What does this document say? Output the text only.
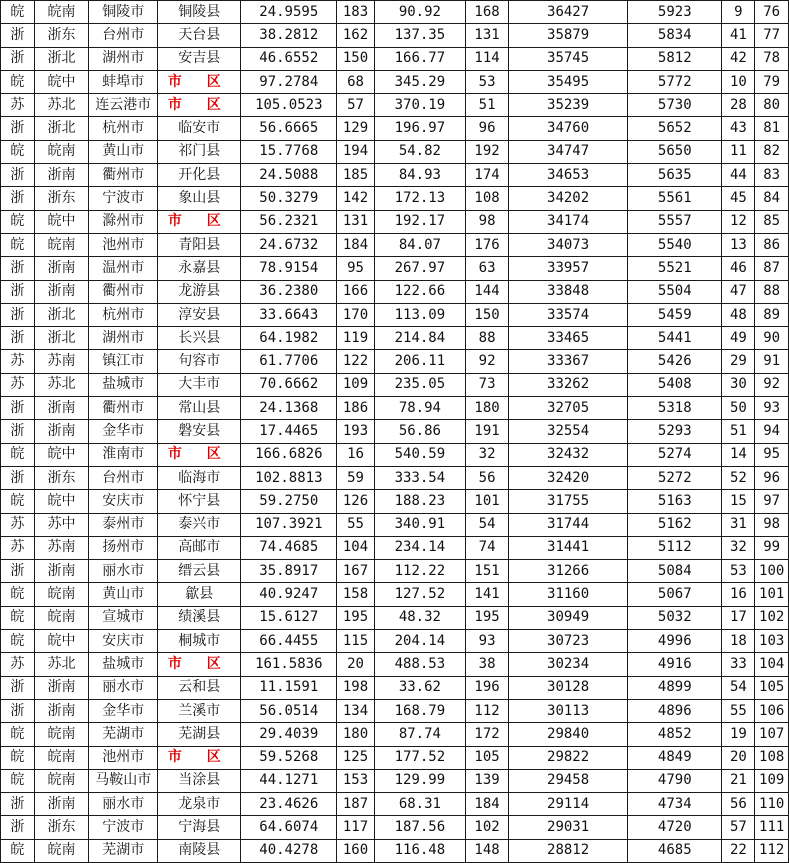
皖	皖南	铜陵市	铜陵县	24.9595	183	90.92	168	36427	5923	9	76
浙	浙东	台州市	天台县	38.2812	162	137.35	131	35879	5834	41	77
浙	浙北	湖州市	安吉县	46.6552	150	166.77	114	35745	5812	42	78
皖	皖中	蚌埠市	市 区	97.2784	68	345.29	53	35495	5772	10	79
苏	苏北	连云港市	市 区	105.0523	57	370.19	51	35239	5730	28	80
浙	浙北	杭州市	临安市	56.6665	129	196.97	96	34760	5652	43	81
皖	皖南	黄山市	祁门县	15.7768	194	54.82	192	34747	5650	11	82
浙	浙南	衢州市	开化县	24.5088	185	84.93	174	34653	5635	44	83
浙	浙东	宁波市	象山县	50.3279	142	172.13	108	34202	5561	45	84
皖	皖中	滁州市	市 区	56.2321	131	192.17	98	34174	5557	12	85
皖	皖南	池州市	青阳县	24.6732	184	84.07	176	34073	5540	13	86
浙	浙南	温州市	永嘉县	78.9154	95	267.97	63	33957	5521	46	87
浙	浙南	衢州市	龙游县	36.2380	166	122.66	144	33848	5504	47	88
浙	浙北	杭州市	淳安县	33.6643	170	113.09	150	33574	5459	48	89
浙	浙北	湖州市	长兴县	64.1982	119	214.84	88	33465	5441	49	90
苏	苏南	镇江市	句容市	61.7706	122	206.11	92	33367	5426	29	91
苏	苏北	盐城市	大丰市	70.6662	109	235.05	73	33262	5408	30	92
浙	浙南	衢州市	常山县	24.1368	186	78.94	180	32705	5318	50	93
浙	浙南	金华市	磐安县	17.4465	193	56.86	191	32554	5293	51	94
皖	皖中	淮南市	市 区	166.6826	16	540.59	32	32432	5274	14	95
浙	浙东	台州市	临海市	102.8813	59	333.54	56	32420	5272	52	96
皖	皖中	安庆市	怀宁县	59.2750	126	188.23	101	31755	5163	15	97
苏	苏中	泰州市	泰兴市	107.3921	55	340.91	54	31744	5162	31	98
苏	苏南	扬州市	高邮市	74.4685	104	234.14	74	31441	5112	32	99
浙	浙南	丽水市	缙云县	35.8917	167	112.22	151	31266	5084	53	100
皖	皖南	黄山市	歙县	40.9247	158	127.52	141	31160	5067	16	101
皖	皖南	宣城市	绩溪县	15.6127	195	48.32	195	30949	5032	17	102
皖	皖中	安庆市	桐城市	66.4455	115	204.14	93	30723	4996	18	103
苏	苏北	盐城市	市 区	161.5836	20	488.53	38	30234	4916	33	104
浙	浙南	丽水市	云和县	11.1591	198	33.62	196	30128	4899	54	105
浙	浙南	金华市	兰溪市	56.0514	134	168.79	112	30113	4896	55	106
皖	皖南	芜湖市	芜湖县	29.4039	180	87.74	172	29840	4852	19	107
皖	皖南	池州市	市 区	59.5268	125	177.52	105	29822	4849	20	108
皖	皖南	马鞍山市	当涂县	44.1271	153	129.99	139	29458	4790	21	109
浙	浙南	丽水市	龙泉市	23.4626	187	68.31	184	29114	4734	56	110
浙	浙东	宁波市	宁海县	64.6074	117	187.56	102	29031	4720	57	111
皖	皖南	芜湖市	南陵县	40.4278	160	116.48	148	28812	4685	22	112
